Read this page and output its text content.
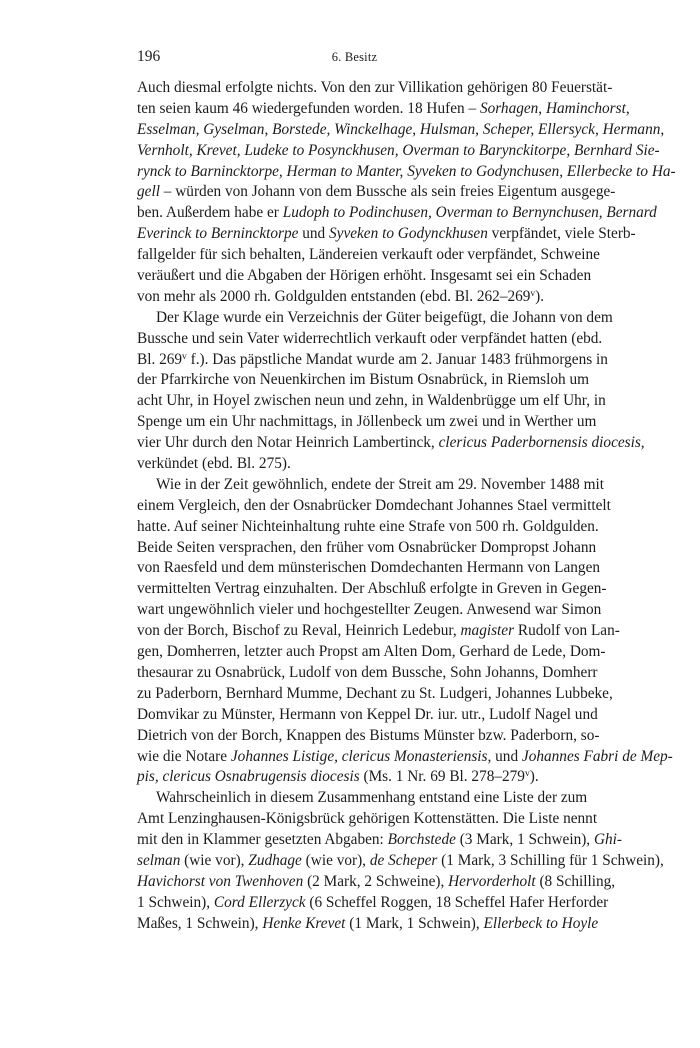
196	6. Besitz
Auch diesmal erfolgte nichts. Von den zur Villikation gehörigen 80 Feuerstät-
ten seien kaum 46 wiedergefunden worden. 18 Hufen – Sorhagen, Haminchorst,
Esselman, Gyselman, Borstede, Winckelhage, Hulsman, Scheper, Ellersyck, Hermann,
Vernholt, Krevet, Ludeke to Posynckhusen, Overman to Barynckitorpe, Bernhard Sie-
rynck to Barnincktorpe, Herman to Manter, Syveken to Godynchusen, Ellerbecke to Ha-
gell – würden von Johann von dem Bussche als sein freies Eigentum ausgege-
ben. Außerdem habe er Ludoph to Podinchusen, Overman to Bernynchusen, Bernard
Everinck to Bernincktorpe und Syveken to Godynckhusen verpfändet, viele Sterb-
fallgelder für sich behalten, Ländereien verkauft oder verpfändet, Schweine
veräußert und die Abgaben der Hörigen erhöht. Insgesamt sei ein Schaden
von mehr als 2000 rh. Goldgulden entstanden (ebd. Bl. 262–269$^v$).
Der Klage wurde ein Verzeichnis der Güter beigefügt, die Johann von dem
Bussche und sein Vater widerrechtlich verkauft oder verpfändet hatten (ebd.
Bl. 269$^v$ f.). Das päpstliche Mandat wurde am 2. Januar 1483 frühmorgens in
der Pfarrkirche von Neuenkirchen im Bistum Osnabrück, in Riemsloh um
acht Uhr, in Hoyel zwischen neun und zehn, in Waldenbrügge um elf Uhr, in
Spenge um ein Uhr nachmittags, in Jöllenbeck um zwei und in Werther um
vier Uhr durch den Notar Heinrich Lambertinck, clericus Paderbornensis diocesis,
verkündet (ebd. Bl. 275).
Wie in der Zeit gewöhnlich, endete der Streit am 29. November 1488 mit
einem Vergleich, den der Osnabrücker Domdechant Johannes Stael vermittelt
hatte. Auf seiner Nichteinhaltung ruhte eine Strafe von 500 rh. Goldgulden.
Beide Seiten versprachen, den früher vom Osnabrücker Dompropst Johann
von Raesfeld und dem münsterischen Domdechanten Hermann von Langen
vermittelten Vertrag einzuhalten. Der Abschluß erfolgte in Greven in Gegen-
wart ungewöhnlich vieler und hochgestellter Zeugen. Anwesend war Simon
von der Borch, Bischof zu Reval, Heinrich Ledebur, magister Rudolf von Lan-
gen, Domherren, letzter auch Propst am Alten Dom, Gerhard de Lede, Dom-
thesaurar zu Osnabrück, Ludolf von dem Bussche, Sohn Johanns, Domherr
zu Paderborn, Bernhard Mumme, Dechant zu St. Ludgeri, Johannes Lubbeke,
Domvikar zu Münster, Hermann von Keppel Dr. iur. utr., Ludolf Nagel und
Dietrich von der Borch, Knappen des Bistums Münster bzw. Paderborn, so-
wie die Notare Johannes Listige, clericus Monasteriensis, und Johannes Fabri de Mep-
pis, clericus Osnabrugensis diocesis (Ms. 1 Nr. 69 Bl. 278–279$^v$).
Wahrscheinlich in diesem Zusammenhang entstand eine Liste der zum
Amt Lenzinghausen-Königsbrück gehörigen Kottenstätten. Die Liste nennt
mit den in Klammer gesetzten Abgaben: Borchstede (3 Mark, 1 Schwein), Ghi-
selman (wie vor), Zudhage (wie vor), de Scheper (1 Mark, 3 Schilling für 1 Schwein),
Havichorst von Twenhoven (2 Mark, 2 Schweine), Hervorderholt (8 Schilling,
1 Schwein), Cord Ellerzyck (6 Scheffel Roggen, 18 Scheffel Hafer Herforder
Maßes, 1 Schwein), Henke Krevet (1 Mark, 1 Schwein), Ellerbeck to Hoyle
